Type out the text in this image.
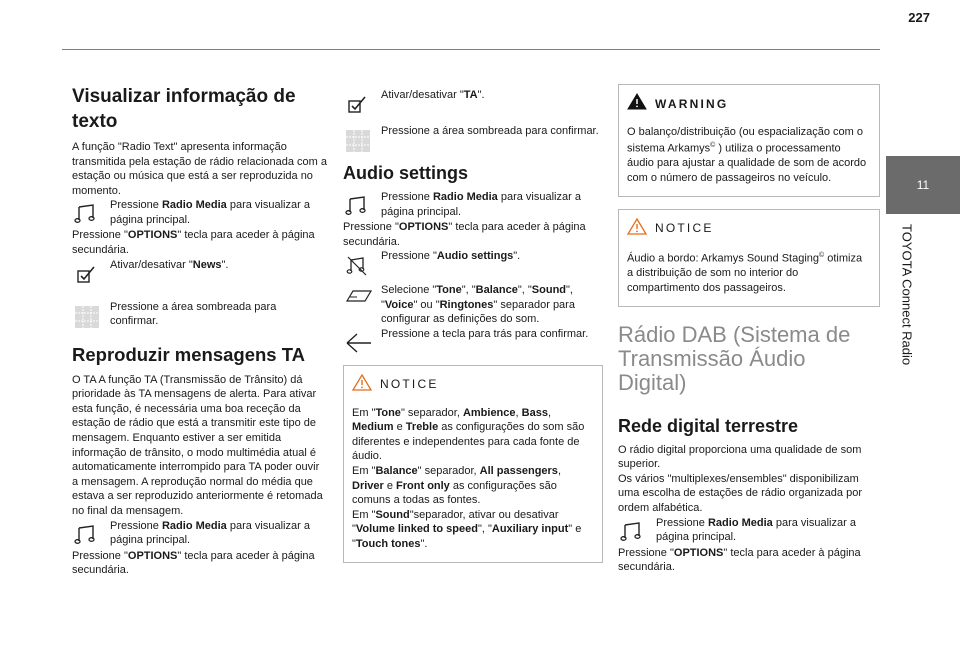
227
11
TOYOTA Connect Radio
Visualizar informação de texto

A função "Radio Text" apresenta informação transmitida pela estação de rádio relacionada com a estação ou música que está a ser reproduzida no momento.

Pressione Radio Media para visualizar a página principal.

Pressione "OPTIONS" tecla para aceder à página secundária.

Ativar/desativar "News".
Pressione a área sombreada para confirmar.
Reproduzir mensagens TA

O TA A função TA (Transmissão de Trânsito) dá prioridade às TA mensagens de alerta. Para ativar esta função, é necessária uma boa receção da estação de rádio que está a transmitir este tipo de mensagem. Enquanto estiver a ser emitida informação de trânsito, o modo multimédia atual é automaticamente interrompido para TA poder ouvir a mensagem. A reprodução normal do média que estava a ser reproduzido anteriormente é retomada no final da mensagem.

Pressione Radio Media para visualizar a página principal.

Pressione "OPTIONS" tecla para aceder à página secundária.

Ativar/desativar "TA".
Pressione a área sombreada para confirmar.
Audio settings
Pressione Radio Media para visualizar a página principal.

Pressione "OPTIONS" tecla para aceder à página secundária.

Pressione "Audio settings".
Selecione "Tone", "Balance", "Sound", "Voice" ou "Ringtones" separador para configurar as definições do som.
Pressione a tecla para trás para confirmar.
NOTICE

Em "Tone" separador, Ambience, Bass, Medium e Treble as configurações do som são diferentes e independentes para cada fonte de áudio.

Em "Balance" separador, All passengers, Driver e Front only as configurações são comuns a todas as fontes.

Em "Sound"separador, ativar ou desativar "Volume linked to speed", "Auxiliary input" e "Touch tones".

WARNING

O balanço/distribuição (ou espacialização com o sistema Arkamys© ) utiliza o processamento áudio para ajustar a qualidade de som de acordo com o número de passageiros no veículo.

NOTICE

Áudio a bordo: Arkamys Sound Staging© otimiza a distribuição de som no interior do compartimento dos passageiros.

Rádio DAB (Sistema de Transmissão Áudio Digital)
Rede digital terrestre

O rádio digital proporciona uma qualidade de som superior.

Os vários "multiplexes/ensembles" disponibilizam uma escolha de estações de rádio organizada por ordem alfabética.

Pressione Radio Media para visualizar a página principal.

Pressione "OPTIONS" tecla para aceder à página secundária.
